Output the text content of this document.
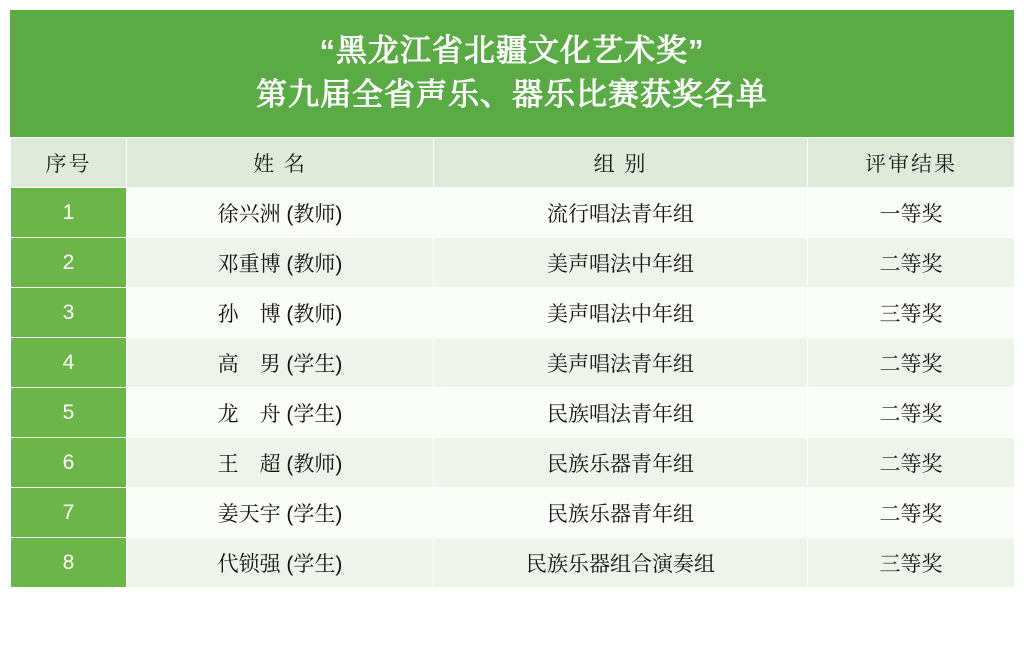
“黑龙江省北疆文化艺术奖”
第九届全省声乐、器乐比赛获奖名单
序号	姓 名	组 别	评审结果
1	徐兴洲 (教师)	流行唱法青年组	一等奖
2	邓重博 (教师)	美声唱法中年组	二等奖
3	孙　博 (教师)	美声唱法中年组	三等奖
4	高　男 (学生)	美声唱法青年组	二等奖
5	龙　舟 (学生)	民族唱法青年组	二等奖
6	王　超 (教师)	民族乐器青年组	二等奖
7	姜天宇 (学生)	民族乐器青年组	二等奖
8	代锁强 (学生)	民族乐器组合演奏组	三等奖
